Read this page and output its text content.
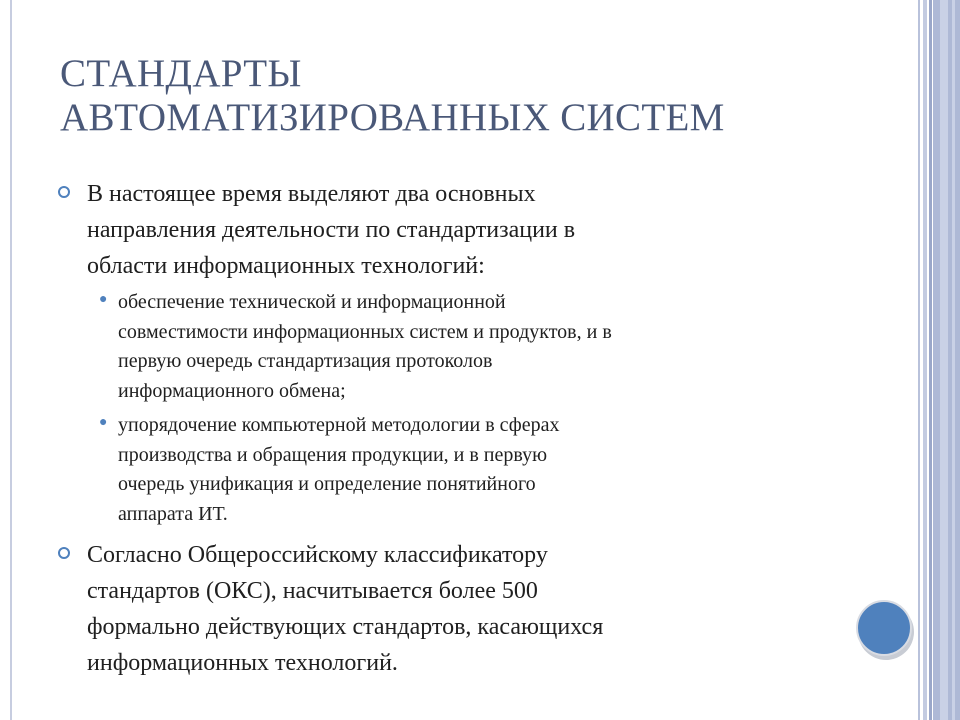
СТАНДАРТЫ
АВТОМАТИЗИРОВАННЫХ СИСТЕМ
В настоящее время выделяют два основных
направления деятельности по стандартизации в
области информационных технологий:
● обеспечение технической и информационной
совместимости информационных систем и продуктов, и в
первую очередь стандартизация протоколов
информационного обмена;
● упорядочение компьютерной методологии в сферах
производства и обращения продукции, и в первую
очередь унификация и определение понятийного
аппарата ИТ.
Согласно Общероссийскому классификатору
стандартов (ОКС), насчитывается более 500
формально действующих стандартов, касающихся
информационных технологий.
